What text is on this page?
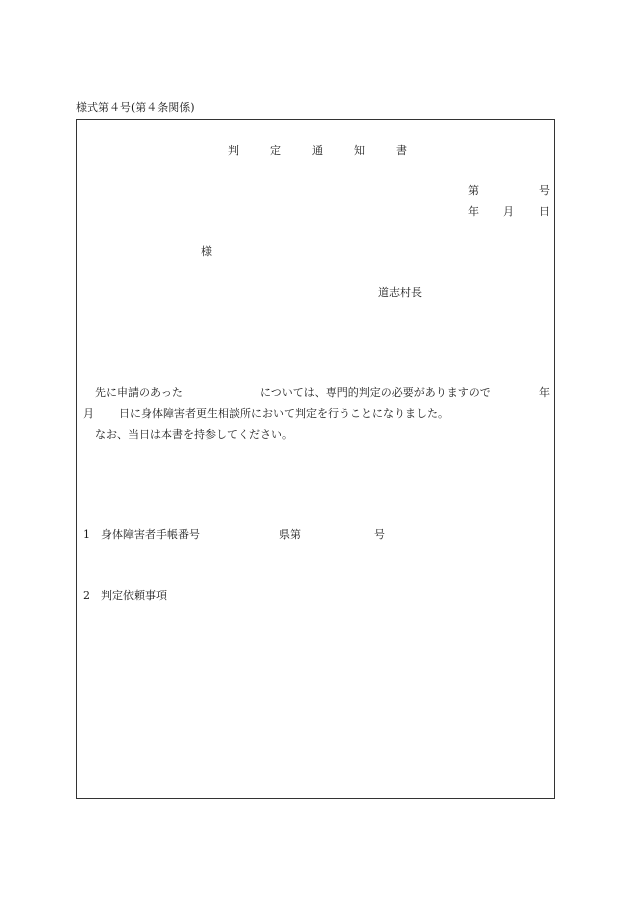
様式第４号(第４条関係)
判	定	通	知	書
第	号
年 月 日
様
道志村長
先に申請のあった	については、専門的判定の必要がありますので	年
月 日に身体障害者更生相談所において判定を行うことになりました。
なお、当日は本書を持参してください。
1 身体障害者手帳番号	県第	号
2 判定依頼事項
